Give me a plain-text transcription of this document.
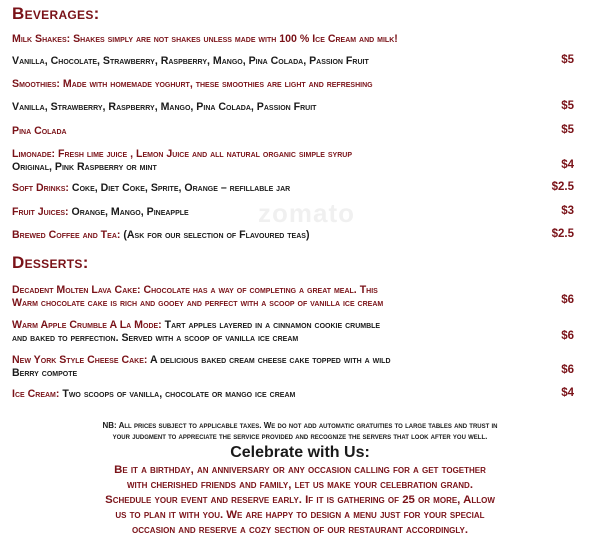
zomato
Beverages:
Milk Shakes: Shakes simply are not shakes unless made with 100 % Ice Cream and milk!
Vanilla, Chocolate, Strawberry, Raspberry, Mango, Pina Colada, Passion Fruit	$5
Smoothies: Made with homemade yoghurt, these smoothies are light and refreshing
Vanilla, Strawberry, Raspberry, Mango, Pina Colada, Passion Fruit	$5
Pina Colada	$5
Limonade: Fresh lime juice , Lemon Juice and all natural organic simple syrup
Original, Pink Raspberry or mint	$4
Soft Drinks: Coke, Diet Coke, Sprite, Orange – refillable jar	$2.5
Fruit Juices: Orange, Mango, Pineapple	$3
Brewed Coffee and Tea: (Ask for our selection of Flavoured teas)	$2.5
Desserts:
Decadent Molten Lava Cake: Chocolate has a way of completing a great meal. This
Warm chocolate cake is rich and gooey and perfect with a scoop of vanilla ice cream	$6
Warm Apple Crumble A La Mode: Tart apples layered in a cinnamon cookie crumble
and baked to perfection. Served with a scoop of vanilla ice cream	$6
New York Style Cheese Cake: A delicious baked cream cheese cake topped with a wild
Berry compote	$6
Ice Cream: Two scoops of vanilla, chocolate or mango ice cream	$4
NB: All prices subject to applicable taxes. We do not add automatic gratuities to large tables and trust in
your judgment to appreciate the service provided and recognize the servers that look after you well.
Celebrate with Us:
Be it a birthday, an anniversary or any occasion calling for a get together
with cherished friends and family, let us make your celebration grand.
Schedule your event and reserve early. If it is gathering of 25 or more, Allow
us to plan it with you. We are happy to design a menu just for your special
occasion and reserve a cozy section of our restaurant accordingly.
